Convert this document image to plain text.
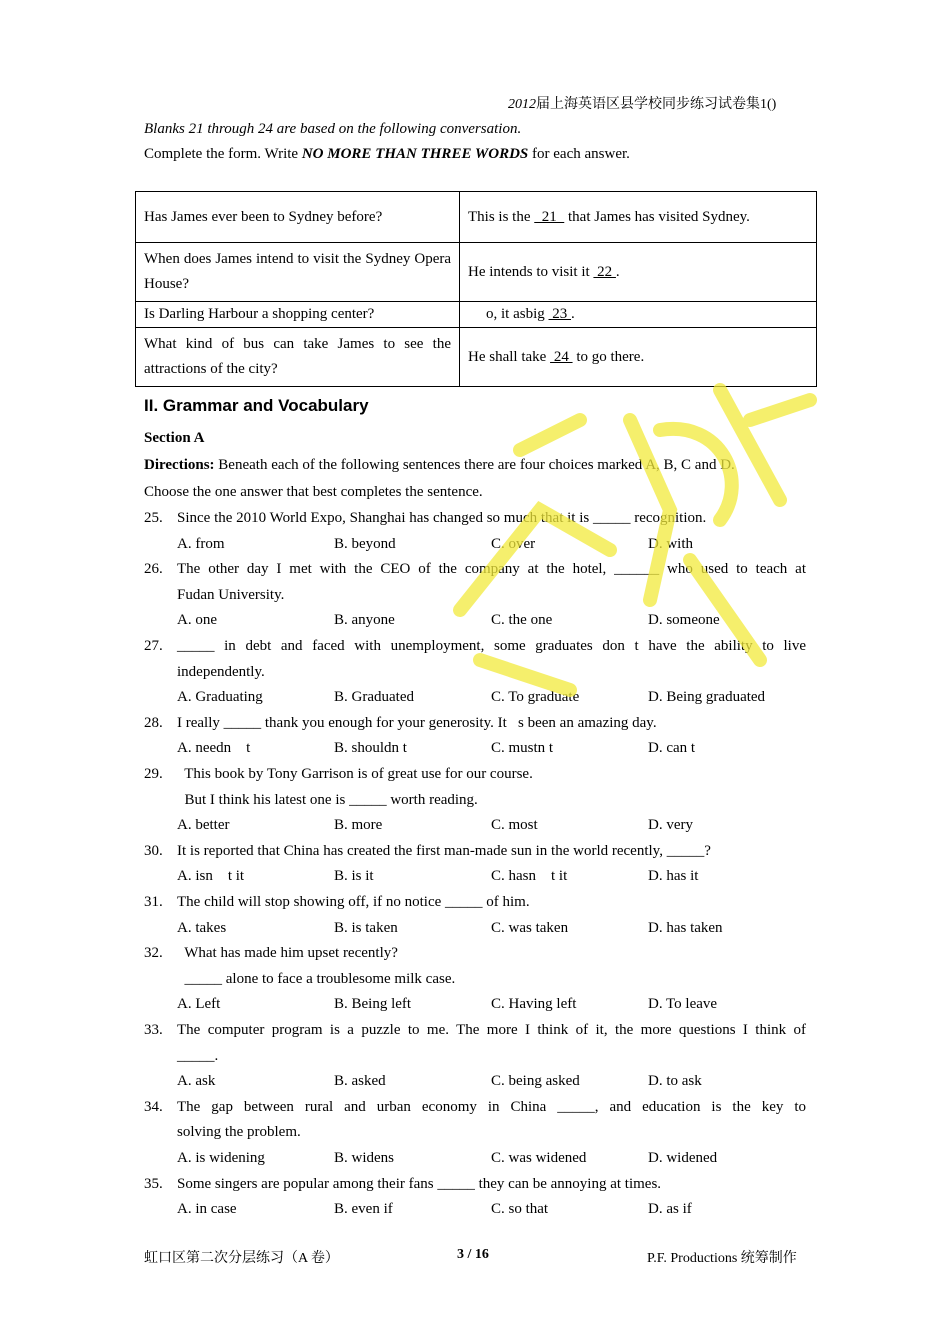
2012届上海英语区县学校同步练习试卷集1()
Blanks 21 through 24 are based on the following conversation.
Complete the form. Write NO MORE THAN THREE WORDS for each answer.
Has James ever been to Sydney before?	This is the   21   that James has visited Sydney.
When does James intend to visit the Sydney Opera House?	He intends to visit it  22 .
Is Darling Harbour a shopping center?	o, it asbig  23 .
What kind of bus can take James to see the attractions of the city?	He shall take  24  to go there.
II. Grammar and Vocabulary
Section A
Directions: Beneath each of the following sentences there are four choices marked A, B, C and D.
Choose the one answer that best completes the sentence.
25. Since the 2010 World Expo, Shanghai has changed so much that it is _____ recognition.
A. from	B. beyond	C. over	D. with
26. The other day I met with the CEO of the company at the hotel, ______ who used to teach at
Fudan University.
A. one	B. anyone	C. the one	D. someone
27. _____ in debt and faced with unemployment, some graduates don t have the ability to live
independently.
A. Graduating	B. Graduated	C. To graduate	D. Being graduated
28. I really _____ thank you enough for your generosity. It   s been an amazing day.
A. needn    t	B. shouldn t	C. mustn t	D. can t
29. This book by Tony Garrison is of great use for our course.
But I think his latest one is _____ worth reading.
A. better	B. more	C. most	D. very
30. It is reported that China has created the first man-made sun in the world recently, _____?
A. isn    t it	B. is it	C. hasn    t it	D. has it
31. The child will stop showing off, if no notice _____ of him.
A. takes	B. is taken	C. was taken	D. has taken
32. What has made him upset recently?
_____ alone to face a troublesome milk case.
A. Left	B. Being left	C. Having left	D. To leave
33. The computer program is a puzzle to me. The more I think of it, the more questions I think of
_____.
A. ask	B. asked	C. being asked	D. to ask
34. The gap between rural and urban economy in China _____, and education is the key to
solving the problem.
A. is widening	B. widens	C. was widened	D. widened
35. Some singers are popular among their fans _____ they can be annoying at times.
A. in case	B. even if	C. so that	D. as if
虹口区第二次分层练习（A 卷）	3 / 16	P.F. Productions 统筹制作
